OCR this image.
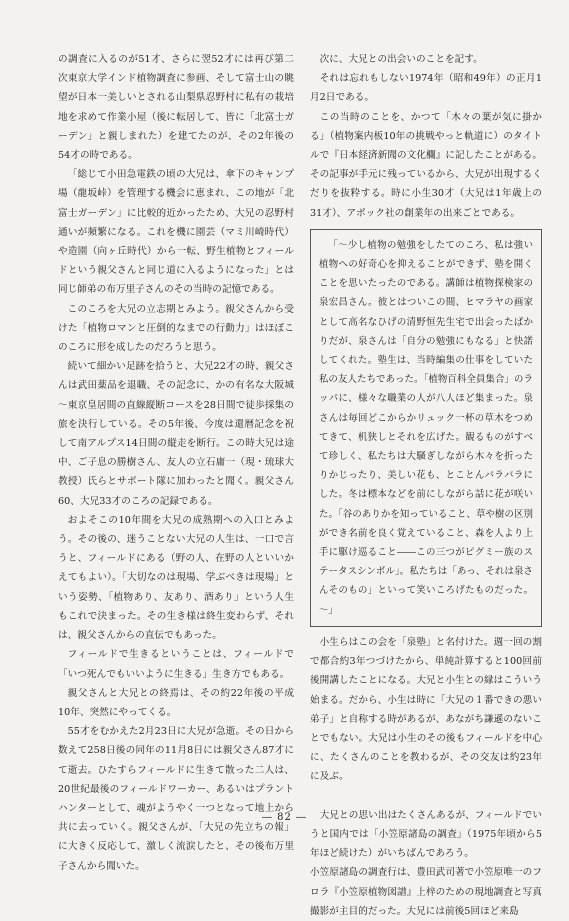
の調査に入るのが51才、さらに翌52才には再び第二次東京大学インド植物調査に参画、そして富士山の眺望が日本一美しいとされる山梨県忍野村に私有の栽培地を求めて作業小屋（後に転居して、皆に「北富士ガーデン」と親しまれた）を建てたのが、その2年後の54才の時である。

「総じて小田急電鉄の頃の大兄は、傘下のキャンプ場（龍坂峠）を管理する機会に恵まれ、この地が「北富士ガーデン」に比較的近かったため、大兄の忍野村通いが頻繁になる。これを機に園芸（マミ川崎時代）や造園（向ヶ丘時代）から一転、野生植物とフィールドという親父さんと同じ道に入るようになった」とは同じ師弟の布万里子さんのその当時の記憶である。

このころを大兄の立志期とみよう。親父さんから受けた「植物ロマンと圧倒的なまでの行動力」はほぼこのころに形を成したのだろうと思う。

続いて細かい足跡を拾うと、大兄22才の時、親父さんは武田薬品を退職、その記念に、かの有名な大阪城～東京皇居間の直線縦断コースを28日間で徒歩採集の旅を決行している。その5年後、今度は還暦記念を祝して南アルプス14日間の縦走を断行。この時大兄は途中、ご子息の勝樹さん、友人の立石庸一（現・琉球大教授）氏らとサポート隊に加わったと聞く。親父さん60、大兄33才のころの記録である。

およそこの10年間を大兄の成熟期への入口とみよう。その後の、迷うことない大兄の人生は、一口で言うと、フィールドにある（野の人、在野の人といいかえてもよい）。「大切なのは現場、学ぶべきは現場」という姿勢、「植物あり、友あり、酒あり」という人生もこれで決まった。その生き様は終生変わらず、それは、親父さんからの直伝でもあった。

フィールドで生きるということは、フィールドで「いつ死んでもいいように生きる」生き方でもある。

親父さんと大兄との終焉は、その約22年後の平成10年、突然にやってくる。

55才をむかえた2月23日に大兄が急逝。その日から数えて258日後の同年の11月8日には親父さん87才にて逝去。ひたすらフィールドに生きて散った二人は、20世紀最後のフィールドワーカー、あるいはプラントハンターとして、魂がようやく一つとなって地上から共に去っていく。親父さんが、「大兄の先立ちの報」に大きく反応して、激しく流涙したと、その後布万里子さんから聞いた。

次に、大兄との出会いのことを記す。

それは忘れもしない1974年（昭和49年）の正月1月2日である。

この当時のことを、かつて「木々の葉が気に掛かる」（植物案内板10年の挑戦やっと軌道に）のタイトルで『日本経済新聞の文化欄』に記したことがある。その記事が手元に残っているから、大兄が出現するくだりを抜粋する。時に小生30才（大兄は1年歳上の31才）、アポック社の創業年の出来ごとである。

「～少し植物の勉強をしたてのころ、私は強い植物への好奇心を抑えることができず、塾を開くことを思いたったのである。講師は植物探検家の泉宏昌さん。彼とはついこの間、ヒマラヤの画家として高名なひげの清野恒先生宅で出会ったばかりだが、泉さんは「自分の勉強にもなる」と快諾してくれた。塾生は、当時編集の仕事をしていた私の友人たちであった。「植物百科全員集合」のラッパに、様々な職業の人が八人ほど集まった。泉さんは毎回どこからかリュック一杯の草木をつめてきて、机狭しとそれを広げた。観るものがすべて珍しく、私たちは大騒ぎしながら木々を折ったりかじったり、美しい花も、とことんバラバラにした。冬は標本などを前にしながら話に花が咲いた。「谷のありかを知っていること、草や樹の区別ができ名前を良く覚えていること、森を人より上手に駆け巡ること――この三つがピグミー族のステータスシンボル」。私たちは「あっ、それは泉さんそのもの」といって笑いころげたものだった。～」

小生らはこの会を「泉塾」と名付けた。週一回の割で都合約3年つづけたから、単純計算すると100回前後開講したことになる。大兄と小生との縁はこういう始まる。だから、小生は時に「大兄の１番できの悪い弟子」と自称する時があるが、あながち謙遜のないことでもない。大兄は小生のその後もフィールドを中心に、たくさんのことを教わるが、その交友は約23年に及ぶ。

大兄との思い出はたくさんあるが、フィールドでいうと国内では「小笠原諸島の調査」（1975年頃から5年ほど続けた）がいちばんであろう。

小笠原諸島の調査行は、豊田武司著で小笠原唯一のフロラ『小笠原植物図譜』上梓のための現地調査と写真撮影が主目的だった。大兄には前後5回ほど来島

― 82 ―
